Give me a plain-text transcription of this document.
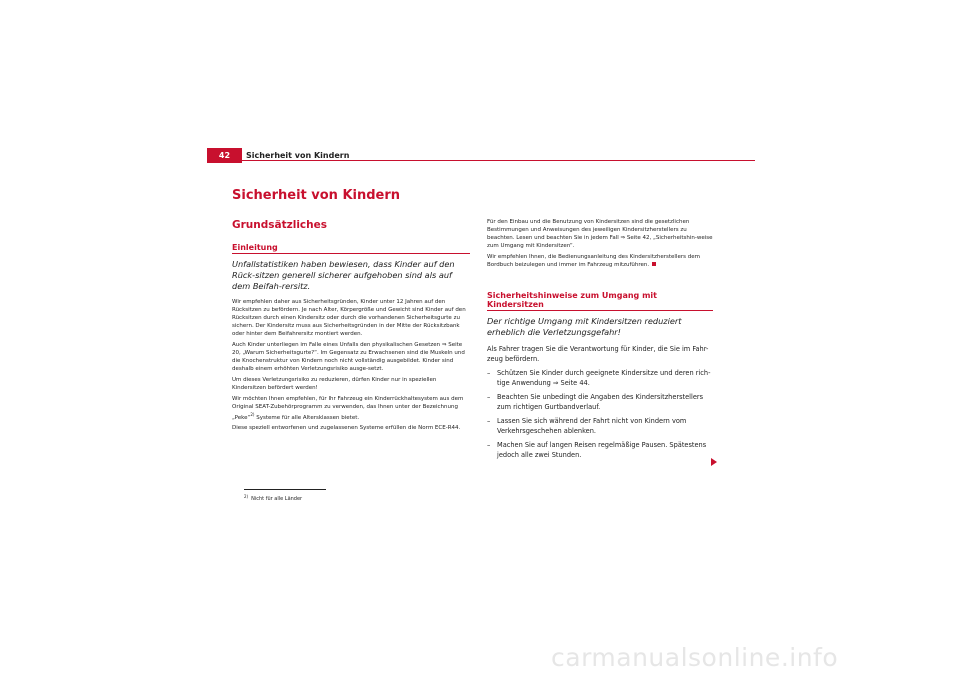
42	Sicherheit von Kindern
Sicherheit von Kindern
Grundsätzliches
Einleitung

Unfallstatistiken haben bewiesen, dass Kinder auf den Rück-sitzen generell sicherer aufgehoben sind als auf dem Beifah-rersitz.

Wir empfehlen daher aus Sicherheitsgründen, Kinder unter 12 Jahren auf den Rücksitzen zu befördern. Je nach Alter, Körpergröße und Gewicht sind Kinder auf den Rücksitzen durch einen Kindersitz oder durch die vorhandenen Sicherheitsgurte zu sichern. Der Kindersitz muss aus Sicherheitsgründen in der Mitte der Rücksitzbank oder hinter dem Beifahrersitz montiert werden.

Auch Kinder unterliegen im Falle eines Unfalls den physikalischen Gesetzen ⇒ Seite 20, „Warum Sicherheitsgurte?“. Im Gegensatz zu Erwachsenen sind die Muskeln und die Knochenstruktur von Kindern noch nicht vollständig ausgebildet. Kinder sind deshalb einem erhöhten Verletzungsrisiko ausge-setzt.

Um dieses Verletzungsrisiko zu reduzieren, dürfen Kinder nur in speziellen Kindersitzen befördert werden!

Wir möchten Ihnen empfehlen, für Ihr Fahrzeug ein Kinderrückhaltesystem aus dem Original SEAT-Zubehörprogramm zu verwenden, das Ihnen unter der Bezeichnung „Peke“$^{2)}$ Systeme für alle Altersklassen bietet.

Diese speziell entworfenen und zugelassenen Systeme erfüllen die Norm ECE-R44.

Für den Einbau und die Benutzung von Kindersitzen sind die gesetzlichen Bestimmungen und Anweisungen des jeweiligen Kindersitzherstellers zu beachten. Lesen und beachten Sie in jedem Fall ⇒ Seite 42, „Sicherheitshin-weise zum Umgang mit Kindersitzen“.

Wir empfehlen Ihnen, die Bedienungsanleitung des Kindersitzherstellers dem Bordbuch beizulegen und immer im Fahrzeug mitzuführen.

Sicherheitshinweise zum Umgang mit Kindersitzen

Der richtige Umgang mit Kindersitzen reduziert erheblich die Verletzungsgefahr!

Als Fahrer tragen Sie die Verantwortung für Kinder, die Sie im Fahr-zeug befördern.

– Schützen Sie Kinder durch geeignete Kindersitze und deren rich-tige Anwendung ⇒ Seite 44.
– Beachten Sie unbedingt die Angaben des Kindersitzherstellers zum richtigen Gurtbandverlauf.
– Lassen Sie sich während der Fahrt nicht von Kindern vom Verkehrsgeschehen ablenken.
– Machen Sie auf langen Reisen regelmäßige Pausen. Spätestens jedoch alle zwei Stunden.
$^{2)}$ Nicht für alle Länder
carmanualsonline.info
